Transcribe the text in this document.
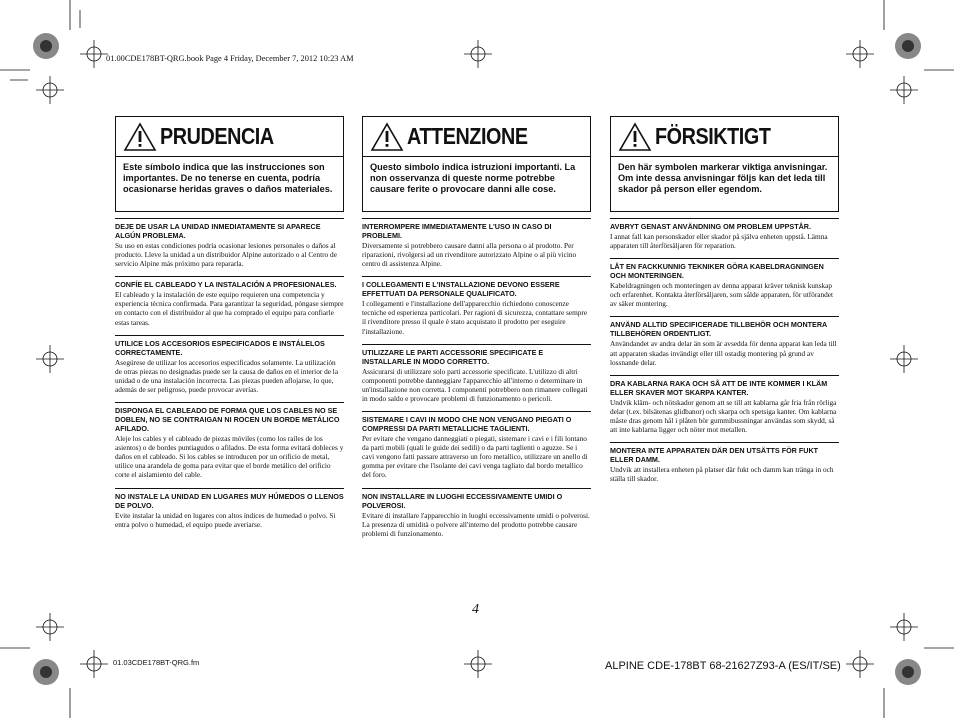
01.00CDE178BT-QRG.book Page 4 Friday, December 7, 2012 10:23 AM
PRUDENCIA
Este símbolo indica que las instrucciones son importantes. De no tenerse en cuenta, podría ocasionarse heridas graves o daños materiales.
DEJE DE USAR LA UNIDAD INMEDIATAMENTE SI APARECE ALGÚN PROBLEMA.
Su uso en estas condiciones podría ocasionar lesiones personales o daños al producto. Lleve la unidad a un distribuidor Alpine autorizado o al Centro de servicio Alpine más próximo para repararla.
CONFÍE EL CABLEADO Y LA INSTALACIÓN A PROFESIONALES.
El cableado y la instalación de este equipo requieren una competencia y experiencia técnica confirmada. Para garantizar la seguridad, póngase siempre en contacto con el distribuidor al que ha comprado el equipo para confiarle estas tareas.
UTILICE LOS ACCESORIOS ESPECIFICADOS E INSTÁLELOS CORRECTAMENTE.
Asegúrese de utilizar los accesorios especificados solamente. La utilización de otras piezas no designadas puede ser la causa de daños en el interior de la unidad o de una instalación incorrecta. Las piezas pueden aflojarse, lo que, además de ser peligroso, puede provocar averías.
DISPONGA EL CABLEADO DE FORMA QUE LOS CABLES NO SE DOBLEN, NO SE CONTRAIGAN NI ROCEN UN BORDE METÁLICO AFILADO.
Aleje los cables y el cableado de piezas móviles (como los raíles de los asientos) o de bordes puntiagudos o afilados. De esta forma evitará dobleces y daños en el cableado. Si los cables se introducen por un orificio de metal, utilice una arandela de goma para evitar que el borde metálico del orificio corte el aislamiento del cable.
NO INSTALE LA UNIDAD EN LUGARES MUY HÚMEDOS O LLENOS DE POLVO.
Evite instalar la unidad en lugares con altos índices de humedad o polvo. Si entra polvo o humedad, el equipo puede averiarse.
ATTENZIONE
Questo simbolo indica istruzioni importanti. La non osservanza di queste norme potrebbe causare ferite o provocare danni alle cose.
INTERROMPERE IMMEDIATAMENTE L'USO IN CASO DI PROBLEMI.
Diversamente si potrebbero causare danni alla persona o al prodotto. Per riparazioni, rivolgersi ad un rivenditore autorizzato Alpine o al più vicino centro di assistenza Alpine.
I COLLEGAMENTI E L'INSTALLAZIONE DEVONO ESSERE EFFETTUATI DA PERSONALE QUALIFICATO.
I collegamenti e l'installazione dell'apparecchio richiedono conoscenze tecniche ed esperienza particolari. Per ragioni di sicurezza, contattare sempre il rivenditore presso il quale è stato acquistato il prodotto per eseguire l'installazione.
UTILIZZARE LE PARTI ACCESSORIE SPECIFICATE E INSTALLARLE IN MODO CORRETTO.
Assicurarsi di utilizzare solo parti accessorie specificate. L'utilizzo di altri componenti potrebbe danneggiare l'apparecchio all'interno o determinare in un'installazione non corretta. I componenti potrebbero non rimanere collegati in modo saldo e provocare problemi di funzionamento o pericoli.
SISTEMARE I CAVI IN MODO CHE NON VENGANO PIEGATI O COMPRESSI DA PARTI METALLICHE TAGLIENTI.
Per evitare che vengano danneggiati o piegati, sistemare i cavi e i fili lontano da parti mobili (quali le guide dei sedili) o da parti taglienti o aguzze. Se i cavi vengono fatti passare attraverso un foro metallico, utilizzare un anello di gomma per evitare che l'isolante dei cavi venga tagliato dal bordo metallico del foro.
NON INSTALLARE IN LUOGHI ECCESSIVAMENTE UMIDI O POLVEROSI.
Evitare di installare l'apparecchio in luoghi eccessivamente umidi o polverosi. La presenza di umidità o polvere all'interno del prodotto potrebbe causare problemi di funzionamento.
FÖRSIKTIGT
Den här symbolen markerar viktiga anvisningar. Om inte dessa anvisningar följs kan det leda till skador på person eller egendom.
AVBRYT GENAST ANVÄNDNING OM PROBLEM UPPSTÅR.
I annat fall kan personskador eller skador på själva enheten uppstå. Lämna apparaten till återförsäljaren för reparation.
LÅT EN FACKKUNNIG TEKNIKER GÖRA KABELDRAGNINGEN OCH MONTERINGEN.
Kabeldragningen och monteringen av denna apparat kräver teknisk kunskap och erfarenhet. Kontakta återförsäljaren, som sålde apparaten, för utförandet av säker montering.
ANVÄND ALLTID SPECIFICERADE TILLBEHÖR OCH MONTERA TILLBEHÖREN ORDENTLIGT.
Användandet av andra delar än som är avsedda för denna apparat kan leda till att apparaten skadas invändigt eller till ostadig montering på grund av lossnande delar.
DRA KABLARNA RAKA OCH SÅ ATT DE INTE KOMMER I KLÄM ELLER SKAVER MOT SKARPA KANTER.
Undvik kläm- och nötskador genom att se till att kablarna går fria från rörliga delar (t.ex. bilsätenas glidbanor) och skarpa och spetsiga kanter. Om kablarna måste dras genom hål i plåten bör gummibussningar användas som skydd, så att inte kablarna ligger och nöter mot metallen.
MONTERA INTE APPARATEN DÄR DEN UTSÄTTS FÖR FUKT ELLER DAMM.
Undvik att installera enheten på platser där fukt och damm kan tränga in och ställa till skador.
4
01.03CDE178BT-QRG.fm	ALPINE CDE-178BT 68-21627Z93-A (ES/IT/SE)
